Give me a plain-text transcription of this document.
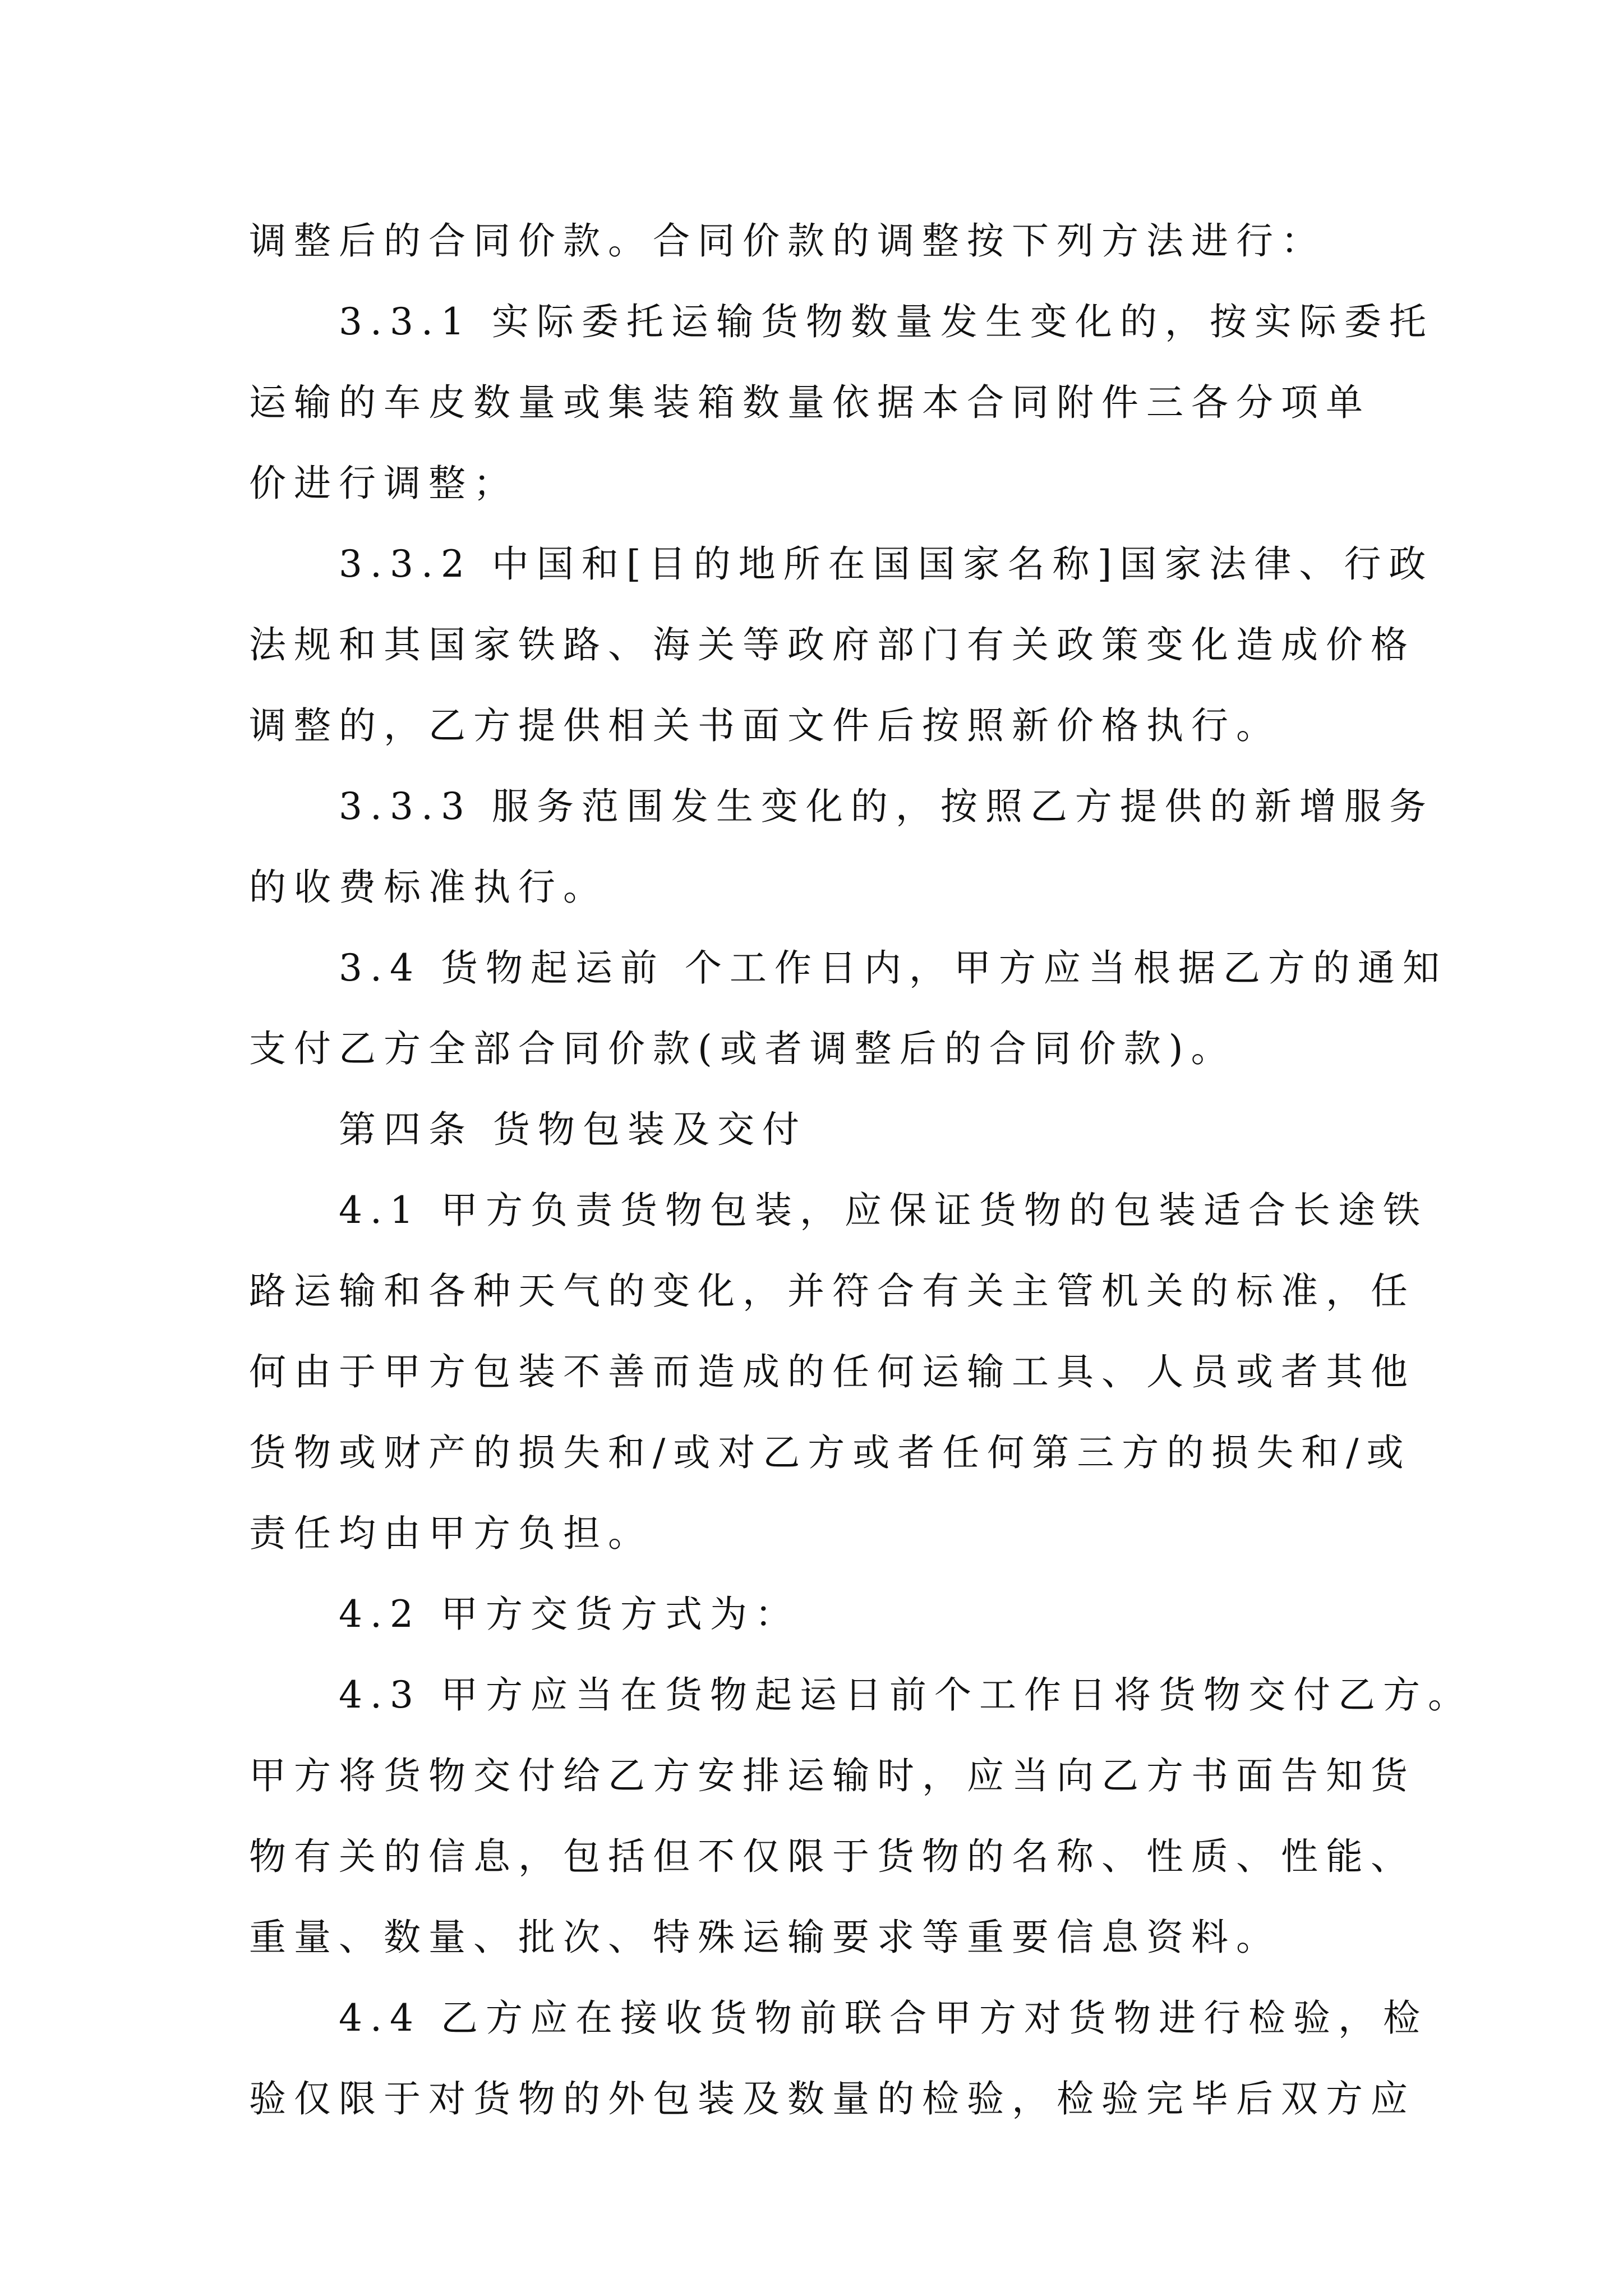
调整后的合同价款。合同价款的调整按下列方法进行：
3.3.1 实际委托运输货物数量发生变化的，按实际委托
运输的车皮数量或集装箱数量依据本合同附件三各分项单
价进行调整；
3.3.2 中国和[目的地所在国国家名称]国家法律、行政
法规和其国家铁路、海关等政府部门有关政策变化造成价格
调整的，乙方提供相关书面文件后按照新价格执行。
3.3.3 服务范围发生变化的，按照乙方提供的新增服务
的收费标准执行。
3.4 货物起运前 个工作日内，甲方应当根据乙方的通知
支付乙方全部合同价款(或者调整后的合同价款)。
第四条 货物包装及交付
4.1 甲方负责货物包装，应保证货物的包装适合长途铁
路运输和各种天气的变化，并符合有关主管机关的标准，任
何由于甲方包装不善而造成的任何运输工具、人员或者其他
货物或财产的损失和/或对乙方或者任何第三方的损失和/或
责任均由甲方负担。
4.2 甲方交货方式为：
4.3 甲方应当在货物起运日前个工作日将货物交付乙方。
甲方将货物交付给乙方安排运输时，应当向乙方书面告知货
物有关的信息，包括但不仅限于货物的名称、性质、性能、
重量、数量、批次、特殊运输要求等重要信息资料。
4.4 乙方应在接收货物前联合甲方对货物进行检验，检
验仅限于对货物的外包装及数量的检验，检验完毕后双方应
